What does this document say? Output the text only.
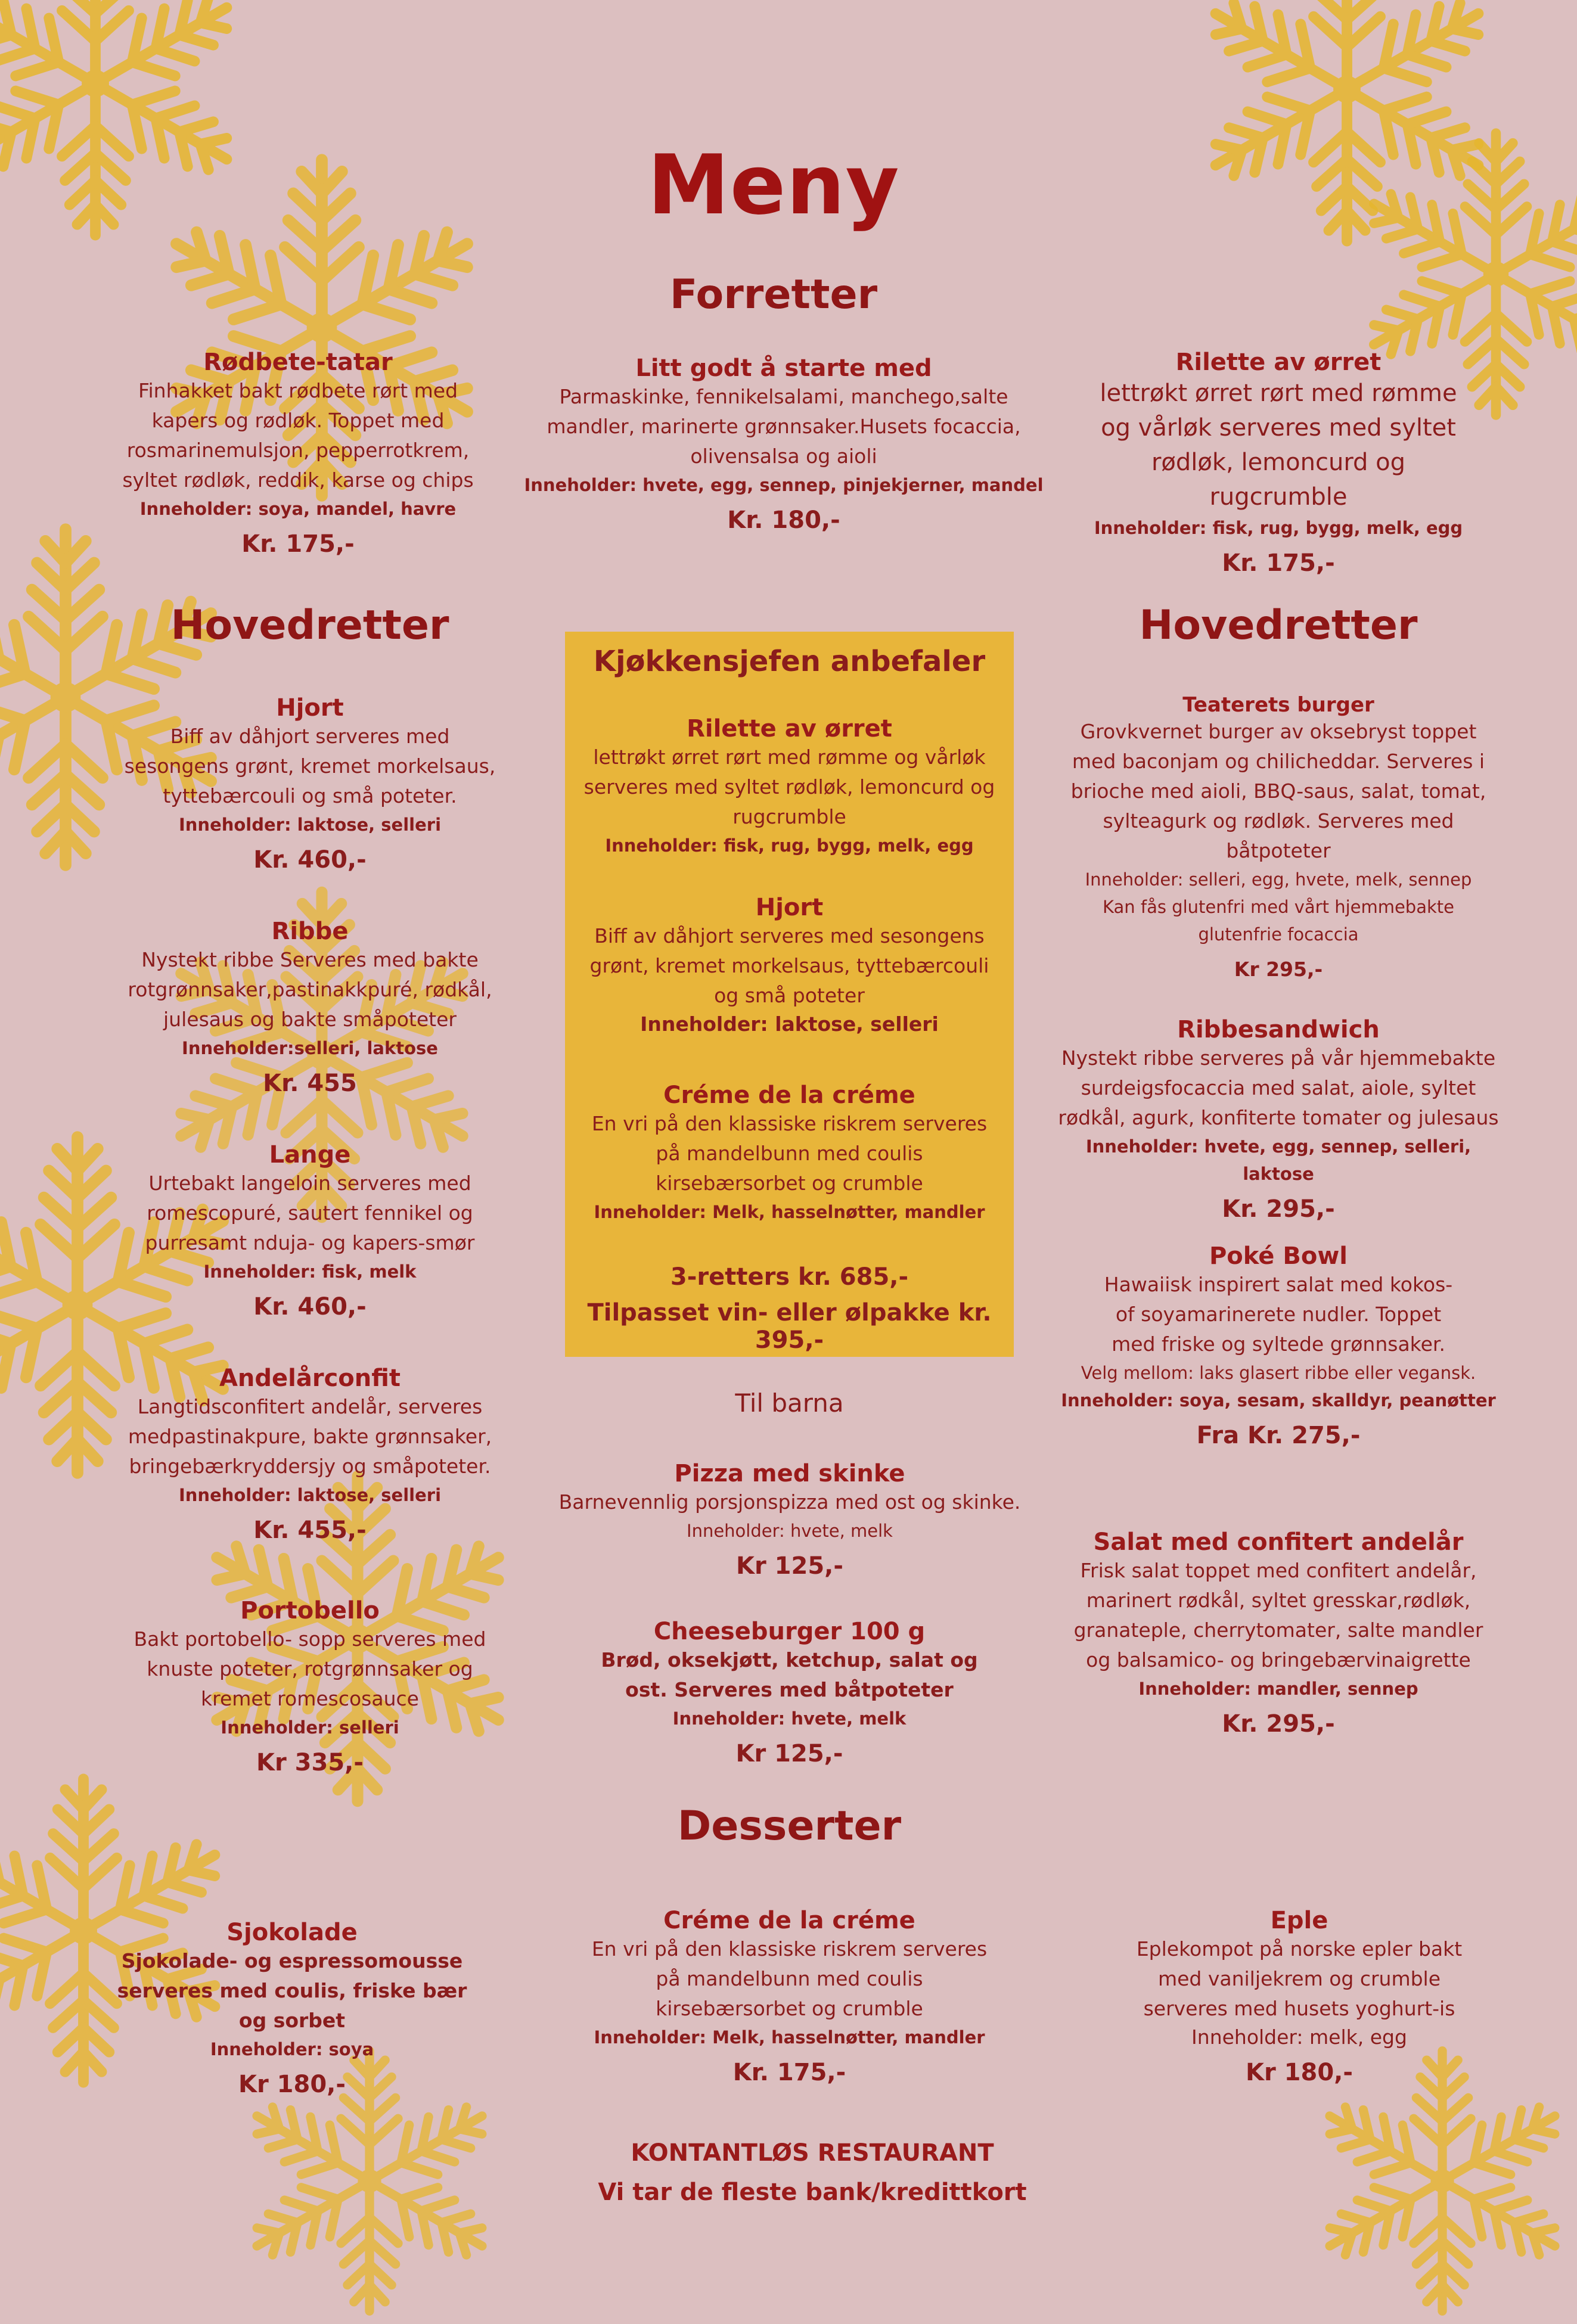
Meny
Forretter

Rødbete-tatar

Finhakket bakt rødbete rørt med kapers og rødløk. Toppet med rosmarinemulsjon, pepperrotkrem, syltet rødløk, reddik, karse og chips

Inneholder: soya, mandel, havre

Kr. 175,-

Litt godt å starte med

Parmaskinke, fennikelsalami, manchego,salte mandler, marinerte grønnsaker.Husets focaccia, olivensalsa og aioli

Inneholder: hvete, egg, sennep, pinjekjerner, mandel

Kr. 180,-

Rilette av ørret

lettrøkt ørret rørt med rømme og vårløk serveres med syltet rødløk, lemoncurd og rugcrumble

Inneholder: fisk, rug, bygg, melk, egg

Kr. 175,-

Hovedretter

Hjort

Biff av dåhjort serveres med sesongens grønt, kremet morkelsaus, tyttebærcouli og små poteter.

Inneholder: laktose, selleri

Kr. 460,-

Ribbe

Nystekt ribbe Serveres med bakte rotgrønnsaker,pastinakkpuré, rødkål, julesaus og bakte småpoteter

Inneholder:selleri, laktose

Kr. 455

Lange

Urtebakt langeloin serveres med romescopuré, sautert fennikel og purresamt nduja- og kapers-smør

Inneholder: fisk, melk

Kr. 460,-

Andelårconfit

Langtidsconfitert andelår, serveres medpastinakpure, bakte grønnsaker, bringebærkryddersjy og småpoteter.

Inneholder: laktose, selleri

Kr. 455,-

Portobello

Bakt portobello- sopp serveres med knuste poteter, rotgrønnsaker og kremet romescosauce

Inneholder: selleri

Kr 335,-

Kjøkkensjefen anbefaler

Rilette av ørret

lettrøkt ørret rørt med rømme og vårløk serveres med syltet rødløk, lemoncurd og rugcrumble

Inneholder: fisk, rug, bygg, melk, egg

Hjort

Biff av dåhjort serveres med sesongens grønt, kremet morkelsaus, tyttebærcouli og små poteter

Inneholder: laktose, selleri

Créme de la créme

En vri på den klassiske riskrem serveres på mandelbunn med coulis kirsebærsorbet og crumble

Inneholder: Melk, hasselnøtter, mandler

3-retters kr. 685,-
Tilpasset vin- eller ølpakke kr. 395,-
Til barna

Pizza med skinke

Barnevennlig porsjonspizza med ost og skinke.

Inneholder: hvete, melk

Kr 125,-

Cheeseburger 100 g

Brød, oksekjøtt, ketchup, salat og ost. Serveres med båtpoteter

Inneholder: hvete, melk

Kr 125,-

Hovedretter

Teaterets burger

Grovkvernet burger av oksebryst toppet med baconjam og chilicheddar. Serveres i brioche med aioli, BBQ-saus, salat, tomat, sylteagurk og rødløk. Serveres med båtpoteter

Inneholder: selleri, egg, hvete, melk, sennep

Kan fås glutenfri med vårt hjemmebakte glutenfrie focaccia

Kr 295,-

Ribbesandwich

Nystekt ribbe serveres på vår hjemmebakte surdeigsfocaccia med salat, aiole, syltet rødkål, agurk, konfiterte tomater og julesaus

Inneholder: hvete, egg, sennep, selleri, laktose

Kr. 295,-

Poké Bowl

Hawaiisk inspirert salat med kokos- of soyamarinerete nudler. Toppet med friske og syltede grønnsaker.

Velg mellom: laks glasert ribbe eller vegansk.

Inneholder: soya, sesam, skalldyr, peanøtter

Fra Kr. 275,-

Salat med confitert andelår

Frisk salat toppet med confitert andelår, marinert rødkål, syltet gresskar,rødløk, granateple, cherrytomater, salte mandler og balsamico- og bringebærvinaigrette

Inneholder: mandler, sennep

Kr. 295,-

Desserter

Sjokolade

Sjokolade- og espressomousse serveres med coulis, friske bær og sorbet

Inneholder: soya

Kr 180,-

Créme de la créme

En vri på den klassiske riskrem serveres på mandelbunn med coulis kirsebærsorbet og crumble

Inneholder: Melk, hasselnøtter, mandler

Kr. 175,-

Eple

Eplekompot på norske epler bakt med vaniljekrem og crumble serveres med husets yoghurt-is

Inneholder: melk, egg

Kr 180,-

KONTANTLØS RESTAURANT
Vi tar de fleste bank/kredittkort
